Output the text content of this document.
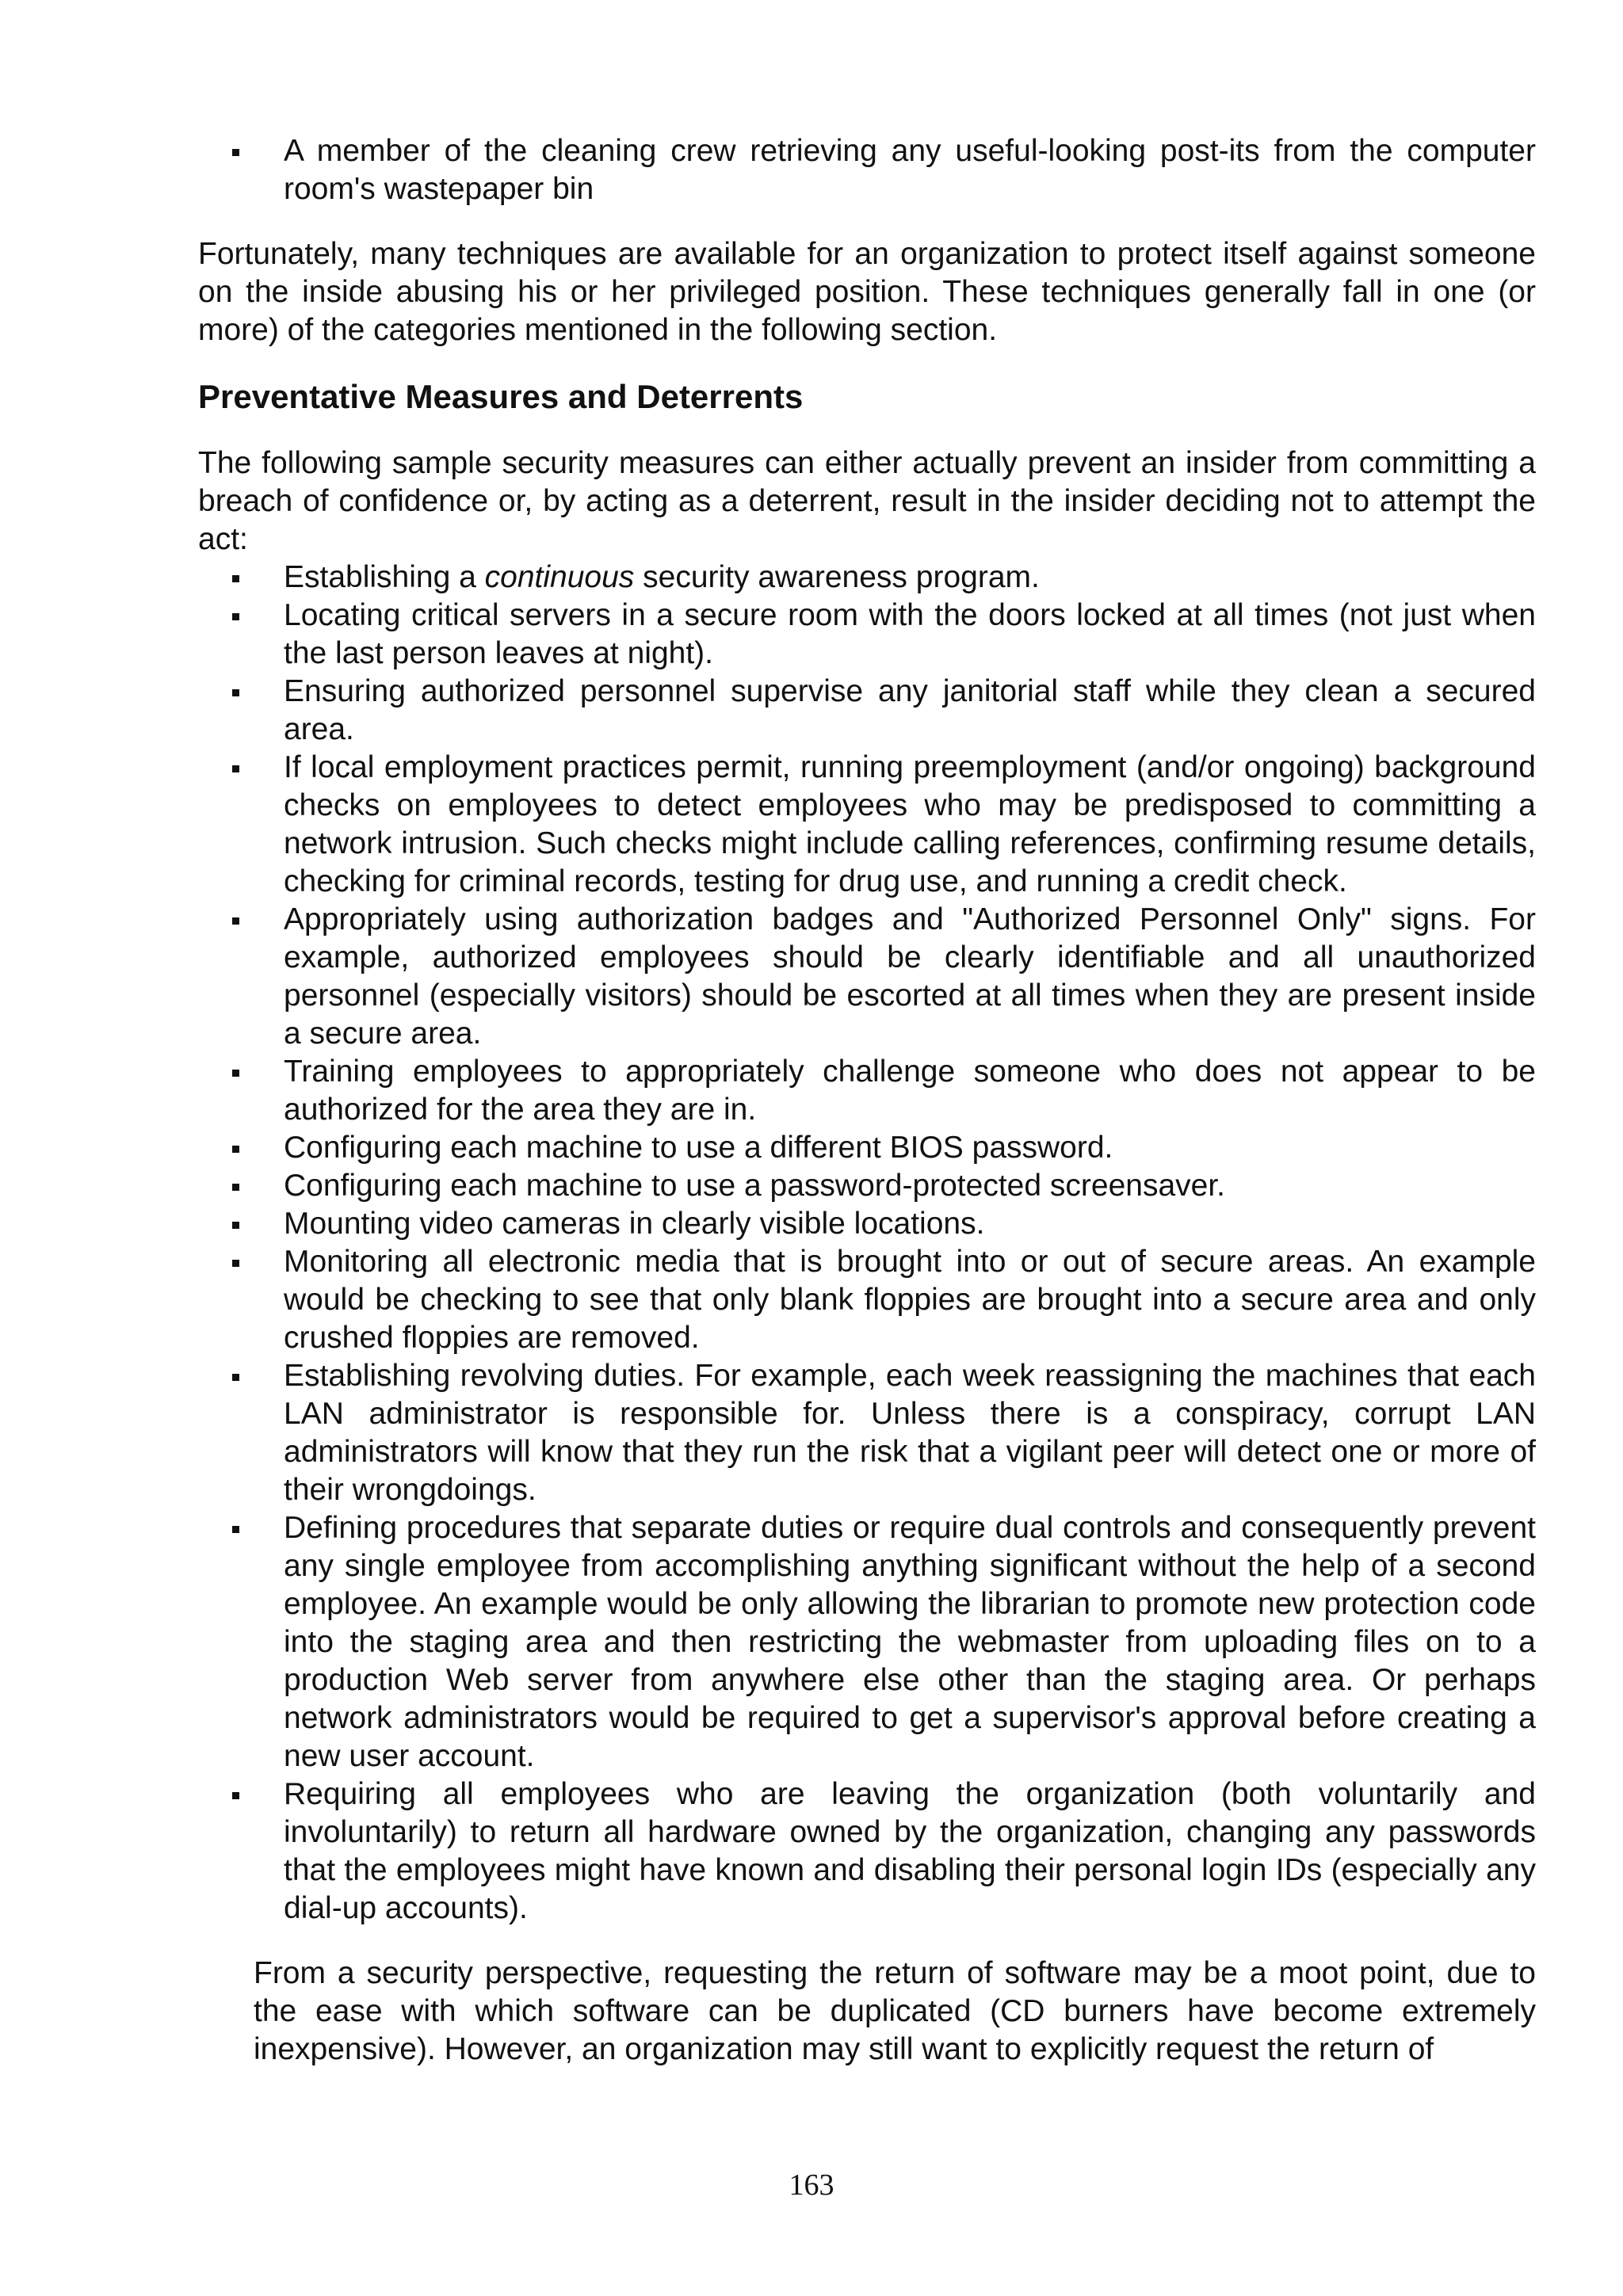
A member of the cleaning crew retrieving any useful-looking post-its from the computer room's wastepaper bin

Fortunately, many techniques are available for an organization to protect itself against someone on the inside abusing his or her privileged position. These techniques generally fall in one (or more) of the categories mentioned in the following section.

Preventative Measures and Deterrents

The following sample security measures can either actually prevent an insider from committing a breach of confidence or, by acting as a deterrent, result in the insider deciding not to attempt the act:

Establishing a continuous security awareness program.
Locating critical servers in a secure room with the doors locked at all times (not just when the last person leaves at night).
Ensuring authorized personnel supervise any janitorial staff while they clean a secured area.
If local employment practices permit, running preemployment (and/or ongoing) background checks on employees to detect employees who may be predisposed to committing a network intrusion. Such checks might include calling references, confirming resume details, checking for criminal records, testing for drug use, and running a credit check.
Appropriately using authorization badges and "Authorized Personnel Only" signs. For example, authorized employees should be clearly identifiable and all unauthorized personnel (especially visitors) should be escorted at all times when they are present inside a secure area.
Training employees to appropriately challenge someone who does not appear to be authorized for the area they are in.
Configuring each machine to use a different BIOS password.
Configuring each machine to use a password-protected screensaver.
Mounting video cameras in clearly visible locations.
Monitoring all electronic media that is brought into or out of secure areas. An example would be checking to see that only blank floppies are brought into a secure area and only crushed floppies are removed.
Establishing revolving duties. For example, each week reassigning the machines that each LAN administrator is responsible for. Unless there is a conspiracy, corrupt LAN administrators will know that they run the risk that a vigilant peer will detect one or more of their wrongdoings.
Defining procedures that separate duties or require dual controls and consequently prevent any single employee from accomplishing anything significant without the help of a second employee. An example would be only allowing the librarian to promote new protection code into the staging area and then restricting the webmaster from uploading files on to a production Web server from anywhere else other than the staging area. Or perhaps network administrators would be required to get a supervisor's approval before creating a new user account.
Requiring all employees who are leaving the organization (both voluntarily and involuntarily) to return all hardware owned by the organization, changing any passwords that the employees might have known and disabling their personal login IDs (especially any dial-up accounts).

From a security perspective, requesting the return of software may be a moot point, due to the ease with which software can be duplicated (CD burners have become extremely inexpensive). However, an organization may still want to explicitly request the return of

163
